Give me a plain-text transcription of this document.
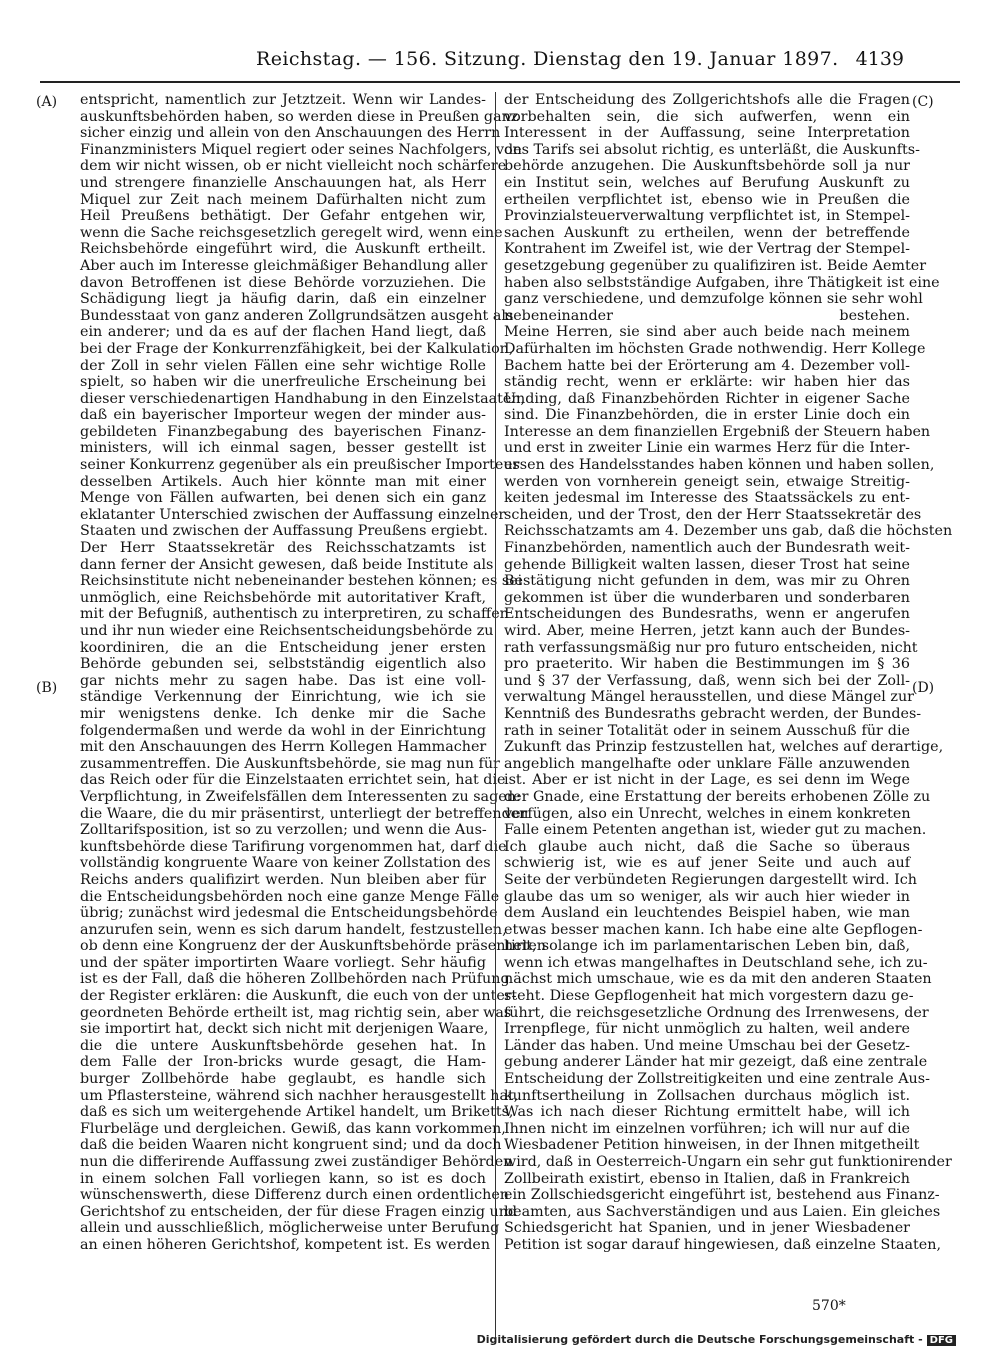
Reichstag. — 156. Sitzung. Dienstag den 19. Januar 1897. 4139
(A)
(B)
(C)
(D)
entspricht, namentlich zur Jetztzeit. Wenn wir Landes-
auskunftsbehörden haben, so werden diese in Preußen ganz
sicher einzig und allein von den Anschauungen des Herrn
Finanzministers Miquel regiert oder seines Nachfolgers, von
dem wir nicht wissen, ob er nicht vielleicht noch schärfere
und strengere finanzielle Anschauungen hat, als Herr
Miquel zur Zeit nach meinem Dafürhalten nicht zum
Heil Preußens bethätigt. Der Gefahr entgehen wir,
wenn die Sache reichsgesetzlich geregelt wird, wenn eine
Reichsbehörde eingeführt wird, die Auskunft ertheilt.
Aber auch im Interesse gleichmäßiger Behandlung aller
davon Betroffenen ist diese Behörde vorzuziehen. Die
Schädigung liegt ja häufig darin, daß ein einzelner
Bundesstaat von ganz anderen Zollgrundsätzen ausgeht als
ein anderer; und da es auf der flachen Hand liegt, daß
bei der Frage der Konkurrenzfähigkeit, bei der Kalkulation,
der Zoll in sehr vielen Fällen eine sehr wichtige Rolle
spielt, so haben wir die unerfreuliche Erscheinung bei
dieser verschiedenartigen Handhabung in den Einzelstaaten,
daß ein bayerischer Importeur wegen der minder aus-
gebildeten Finanzbegabung des bayerischen Finanz-
ministers, will ich einmal sagen, besser gestellt ist
seiner Konkurrenz gegenüber als ein preußischer Importeur
desselben Artikels. Auch hier könnte man mit einer
Menge von Fällen aufwarten, bei denen sich ein ganz
eklatanter Unterschied zwischen der Auffassung einzelner
Staaten und zwischen der Auffassung Preußens ergiebt.
Der Herr Staatssekretär des Reichsschatzamts ist
dann ferner der Ansicht gewesen, daß beide Institute als
Reichsinstitute nicht nebeneinander bestehen können; es sei
unmöglich, eine Reichsbehörde mit autoritativer Kraft,
mit der Befugniß, authentisch zu interpretiren, zu schaffen
und ihr nun wieder eine Reichsentscheidungsbehörde zu
koordiniren, die an die Entscheidung jener ersten
Behörde gebunden sei, selbstständig eigentlich also
gar nichts mehr zu sagen habe. Das ist eine voll-
ständige Verkennung der Einrichtung, wie ich sie
mir wenigstens denke. Ich denke mir die Sache
folgendermaßen und werde da wohl in der Einrichtung
mit den Anschauungen des Herrn Kollegen Hammacher
zusammentreffen. Die Auskunftsbehörde, sie mag nun für
das Reich oder für die Einzelstaaten errichtet sein, hat die
Verpflichtung, in Zweifelsfällen dem Interessenten zu sagen:
die Waare, die du mir präsentirst, unterliegt der betreffenden
Zolltarifsposition, ist so zu verzollen; und wenn die Aus-
kunftsbehörde diese Tarifirung vorgenommen hat, darf die
vollständig kongruente Waare von keiner Zollstation des
Reichs anders qualifizirt werden. Nun bleiben aber für
die Entscheidungsbehörden noch eine ganze Menge Fälle
übrig; zunächst wird jedesmal die Entscheidungsbehörde
anzurufen sein, wenn es sich darum handelt, festzustellen,
ob denn eine Kongruenz der der Auskunftsbehörde präsentirten
und der später importirten Waare vorliegt. Sehr häufig
ist es der Fall, daß die höheren Zollbehörden nach Prüfung
der Register erklären: die Auskunft, die euch von der unter-
geordneten Behörde ertheilt ist, mag richtig sein, aber was
sie importirt hat, deckt sich nicht mit derjenigen Waare,
die die untere Auskunftsbehörde gesehen hat. In
dem Falle der Iron-bricks wurde gesagt, die Ham-
burger Zollbehörde habe geglaubt, es handle sich
um Pflastersteine, während sich nachher herausgestellt hat,
daß es sich um weitergehende Artikel handelt, um Briketts,
Flurbeläge und dergleichen. Gewiß, das kann vorkommen,
daß die beiden Waaren nicht kongruent sind; und da doch
nun die differirende Auffassung zwei zuständiger Behörden
in einem solchen Fall vorliegen kann, so ist es doch
wünschenswerth, diese Differenz durch einen ordentlichen
Gerichtshof zu entscheiden, der für diese Fragen einzig und
allein und ausschließlich, möglicherweise unter Berufung
an einen höheren Gerichtshof, kompetent ist. Es werden
der Entscheidung des Zollgerichtshofs alle die Fragen
vorbehalten sein, die sich aufwerfen, wenn ein
Interessent in der Auffassung, seine Interpretation
des Tarifs sei absolut richtig, es unterläßt, die Auskunfts-
behörde anzugehen. Die Auskunftsbehörde soll ja nur
ein Institut sein, welches auf Berufung Auskunft zu
ertheilen verpflichtet ist, ebenso wie in Preußen die
Provinzialsteuerverwaltung verpflichtet ist, in Stempel-
sachen Auskunft zu ertheilen, wenn der betreffende
Kontrahent im Zweifel ist, wie der Vertrag der Stempel-
gesetzgebung gegenüber zu qualifiziren ist. Beide Aemter
haben also selbstständige Aufgaben, ihre Thätigkeit ist eine
ganz verschiedene, und demzufolge können sie sehr wohl
nebeneinander bestehen.
Meine Herren, sie sind aber auch beide nach meinem
Dafürhalten im höchsten Grade nothwendig. Herr Kollege
Bachem hatte bei der Erörterung am 4. Dezember voll-
ständig recht, wenn er erklärte: wir haben hier das
Unding, daß Finanzbehörden Richter in eigener Sache
sind. Die Finanzbehörden, die in erster Linie doch ein
Interesse an dem finanziellen Ergebniß der Steuern haben
und erst in zweiter Linie ein warmes Herz für die Inter-
essen des Handelsstandes haben können und haben sollen,
werden von vornherein geneigt sein, etwaige Streitig-
keiten jedesmal im Interesse des Staatssäckels zu ent-
scheiden, und der Trost, den der Herr Staatssekretär des
Reichsschatzamts am 4. Dezember uns gab, daß die höchsten
Finanzbehörden, namentlich auch der Bundesrath weit-
gehende Billigkeit walten lassen, dieser Trost hat seine
Bestätigung nicht gefunden in dem, was mir zu Ohren
gekommen ist über die wunderbaren und sonderbaren
Entscheidungen des Bundesraths, wenn er angerufen
wird. Aber, meine Herren, jetzt kann auch der Bundes-
rath verfassungsmäßig nur pro futuro entscheiden, nicht
pro praeterito. Wir haben die Bestimmungen im § 36
und § 37 der Verfassung, daß, wenn sich bei der Zoll-
verwaltung Mängel herausstellen, und diese Mängel zur
Kenntniß des Bundesraths gebracht werden, der Bundes-
rath in seiner Totalität oder in seinem Ausschuß für die
Zukunft das Prinzip festzustellen hat, welches auf derartige,
angeblich mangelhafte oder unklare Fälle anzuwenden
ist. Aber er ist nicht in der Lage, es sei denn im Wege
der Gnade, eine Erstattung der bereits erhobenen Zölle zu
verfügen, also ein Unrecht, welches in einem konkreten
Falle einem Petenten angethan ist, wieder gut zu machen.
Ich glaube auch nicht, daß die Sache so überaus
schwierig ist, wie es auf jener Seite und auch auf
Seite der verbündeten Regierungen dargestellt wird. Ich
glaube das um so weniger, als wir auch hier wieder in
dem Ausland ein leuchtendes Beispiel haben, wie man
etwas besser machen kann. Ich habe eine alte Gepflogen-
heit, solange ich im parlamentarischen Leben bin, daß,
wenn ich etwas mangelhaftes in Deutschland sehe, ich zu-
nächst mich umschaue, wie es da mit den anderen Staaten
steht. Diese Gepflogenheit hat mich vorgestern dazu ge-
führt, die reichsgesetzliche Ordnung des Irrenwesens, der
Irrenpflege, für nicht unmöglich zu halten, weil andere
Länder das haben. Und meine Umschau bei der Gesetz-
gebung anderer Länder hat mir gezeigt, daß eine zentrale
Entscheidung der Zollstreitigkeiten und eine zentrale Aus-
kunftsertheilung in Zollsachen durchaus möglich ist.
Was ich nach dieser Richtung ermittelt habe, will ich
Ihnen nicht im einzelnen vorführen; ich will nur auf die
Wiesbadener Petition hinweisen, in der Ihnen mitgetheilt
wird, daß in Oesterreich-Ungarn ein sehr gut funktionirender
Zollbeirath existirt, ebenso in Italien, daß in Frankreich
ein Zollschiedsgericht eingeführt ist, bestehend aus Finanz-
beamten, aus Sachverständigen und aus Laien. Ein gleiches
Schiedsgericht hat Spanien, und in jener Wiesbadener
Petition ist sogar darauf hingewiesen, daß einzelne Staaten,
570*
Digitalisierung gefördert durch die Deutsche Forschungsgemeinschaft - DFG
